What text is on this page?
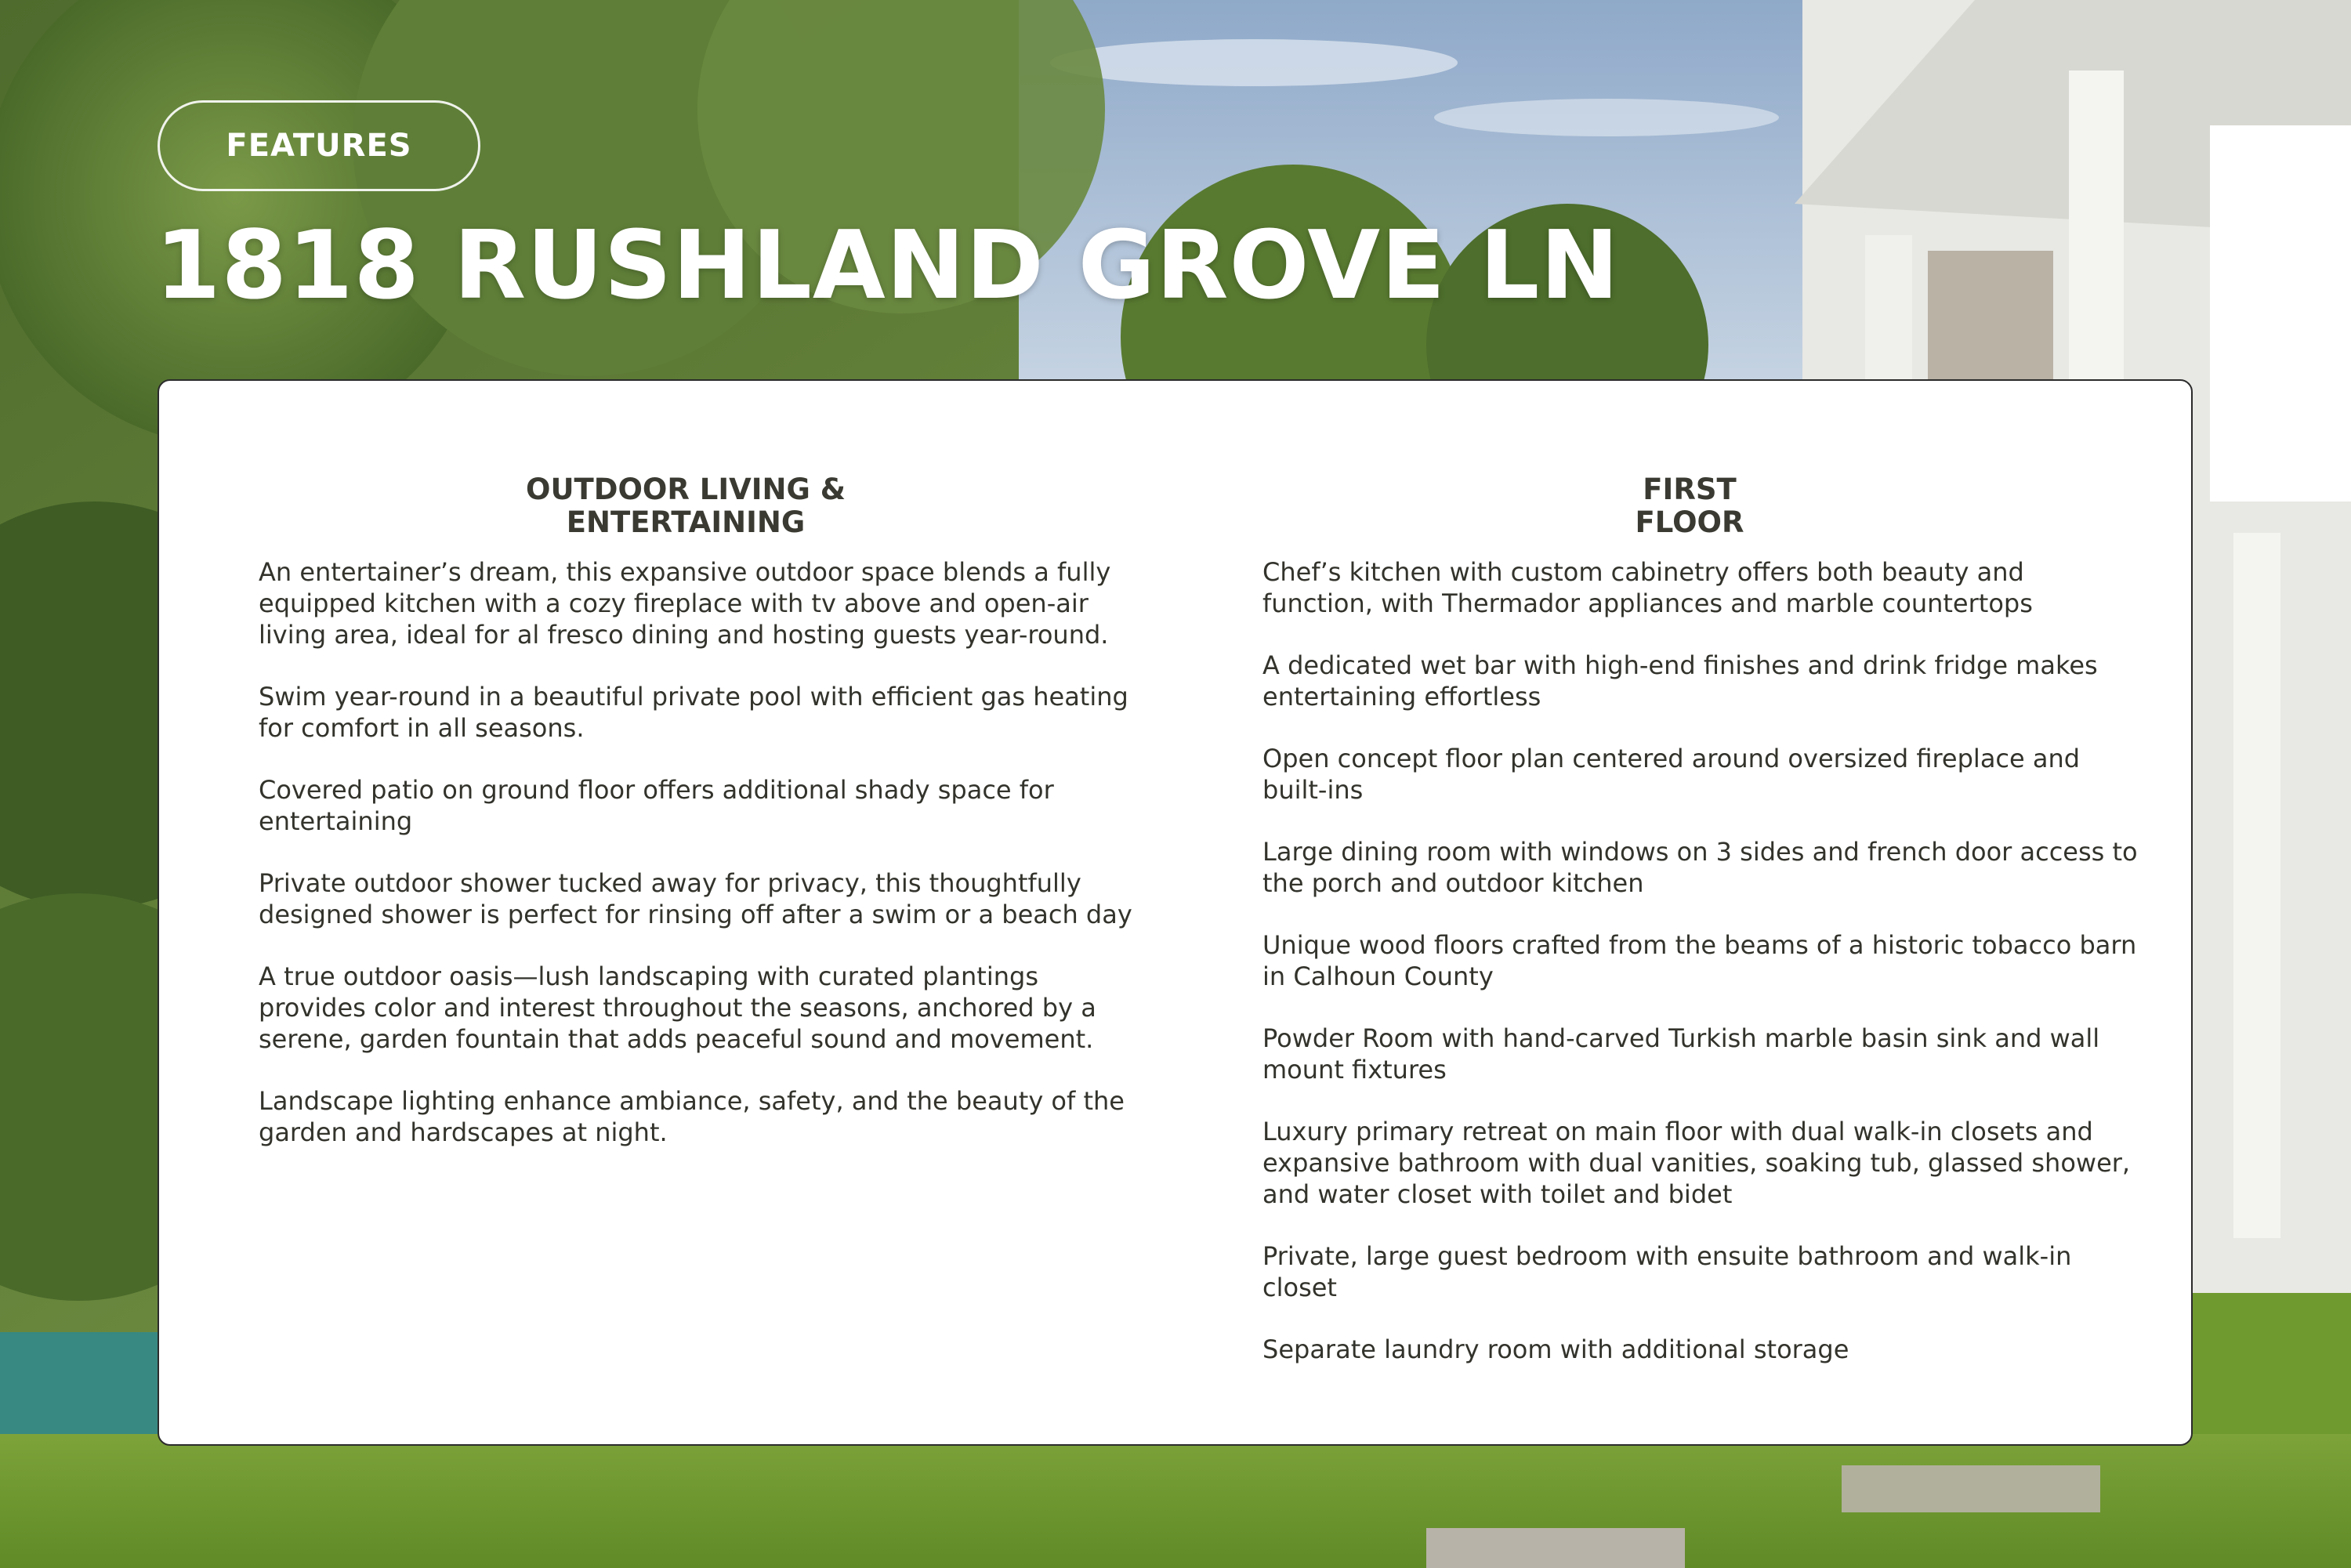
FEATURES
1818 RUSHLAND GROVE LN
OUTDOOR LIVING &
ENTERTAINING

An entertainer’s dream, this expansive outdoor space blends a fully equipped kitchen with a cozy fireplace with tv above and open-air living area, ideal for al fresco dining and hosting guests year-round.

Swim year-round in a beautiful private pool with efficient gas heating for comfort in all seasons.

Covered patio on ground floor offers additional shady space for entertaining

Private outdoor shower tucked away for privacy, this thoughtfully designed shower is perfect for rinsing off after a swim or a beach day

A true outdoor oasis—lush landscaping with curated plantings provides color and interest throughout the seasons, anchored by a serene, garden fountain that adds peaceful sound and movement.

Landscape lighting enhance ambiance, safety, and the beauty of the garden and hardscapes at night.

FIRST
FLOOR

Chef’s kitchen with custom cabinetry offers both beauty and function, with Thermador appliances and marble countertops

A dedicated wet bar with high-end finishes and drink fridge makes entertaining effortless

Open concept floor plan centered around oversized fireplace and built-ins

Large dining room with windows on 3 sides and french door access to the porch and outdoor kitchen

Unique wood floors crafted from the beams of a historic tobacco barn in Calhoun County

Powder Room with hand-carved Turkish marble basin sink and wall mount fixtures

Luxury primary retreat on main floor with dual walk-in closets and expansive bathroom with dual vanities, soaking tub, glassed shower, and water closet with toilet and bidet

Private, large guest bedroom with ensuite bathroom and walk-in closet

Separate laundry room with additional storage
